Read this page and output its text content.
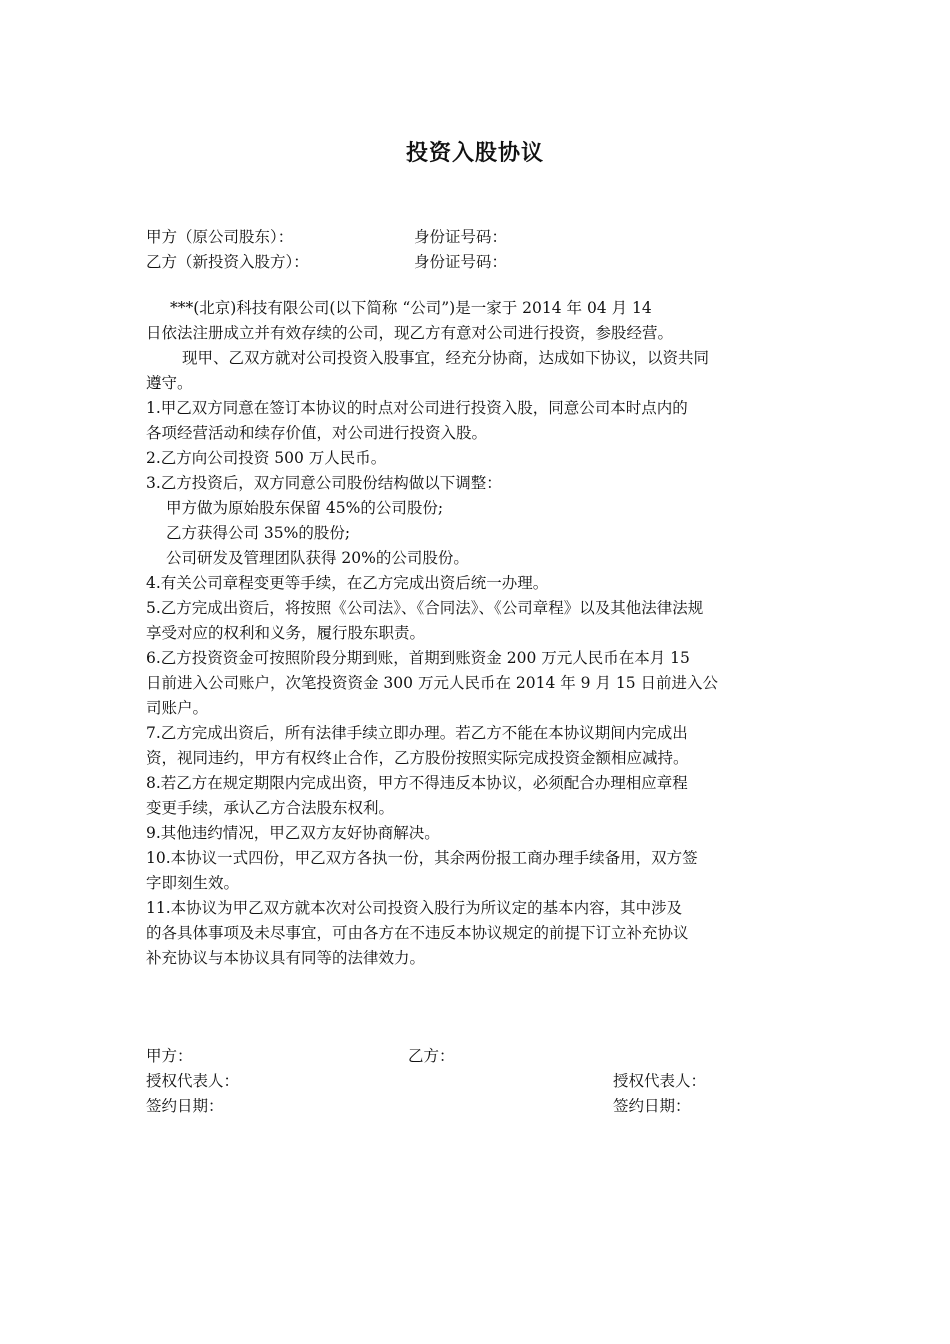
投资入股协议
甲方（原公司股东）：	身份证号码：
乙方（新投资入股方）：	身份证号码：
***(北京)科技有限公司(以下简称 “公司”)是一家于 2014 年 04 月 14
日依法注册成立并有效存续的公司，现乙方有意对公司进行投资，参股经营。
现甲、乙双方就对公司投资入股事宜，经充分协商，达成如下协议，以资共同
遵守。
1.甲乙双方同意在签订本协议的时点对公司进行投资入股，同意公司本时点内的
各项经营活动和续存价值，对公司进行投资入股。
2.乙方向公司投资 500 万人民币。
3.乙方投资后，双方同意公司股份结构做以下调整：
甲方做为原始股东保留 45%的公司股份;
乙方获得公司 35%的股份;
公司研发及管理团队获得 20%的公司股份。
4.有关公司章程变更等手续，在乙方完成出资后统一办理。
5.乙方完成出资后，将按照《公司法》、《合同法》、《公司章程》以及其他法律法规
享受对应的权利和义务，履行股东职责。
6.乙方投资资金可按照阶段分期到账，首期到账资金 200 万元人民币在本月 15
日前进入公司账户，次笔投资资金 300 万元人民币在 2014 年 9 月 15 日前进入公
司账户。
7.乙方完成出资后，所有法律手续立即办理。若乙方不能在本协议期间内完成出
资，视同违约，甲方有权终止合作，乙方股份按照实际完成投资金额相应减持。
8.若乙方在规定期限内完成出资，甲方不得违反本协议，必须配合办理相应章程
变更手续，承认乙方合法股东权利。
9.其他违约情况，甲乙双方友好协商解决。
10.本协议一式四份，甲乙双方各执一份，其余两份报工商办理手续备用，双方签
字即刻生效。
11.本协议为甲乙双方就本次对公司投资入股行为所议定的基本内容，其中涉及
的各具体事项及未尽事宜，可由各方在不违反本协议规定的前提下订立补充协议
补充协议与本协议具有同等的法律效力。
甲方：	乙方：
授权代表人：	授权代表人：
签约日期：	签约日期：
